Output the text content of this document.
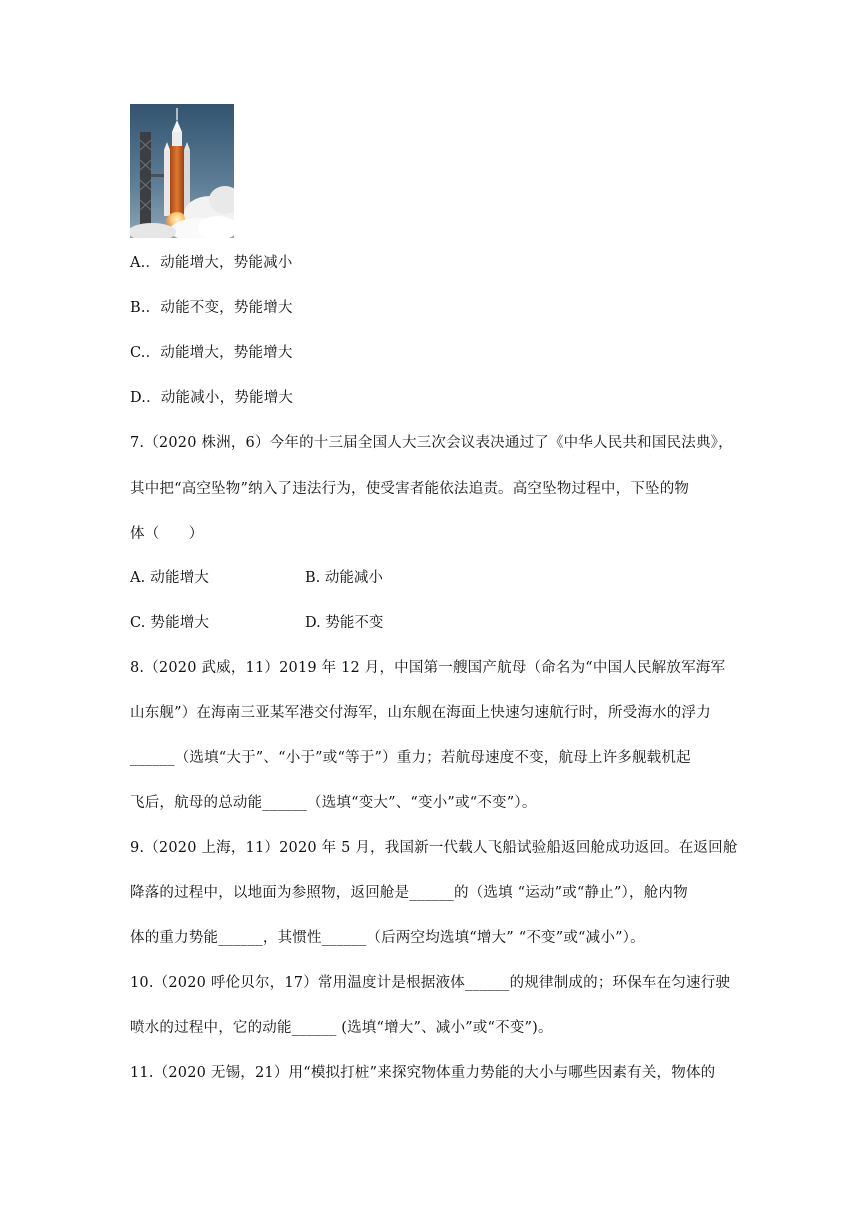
A.．动能增大，势能减小
B.．动能不变，势能增大
C.．动能增大，势能增大
D.．动能减小，势能增大
7.（2020 株洲，6）今年的十三届全国人大三次会议表决通过了《中华人民共和国民法典》，
其中把“高空坠物”纳入了违法行为，使受害者能依法追责。高空坠物过程中，下坠的物
体（　　）
A. 动能增大	B. 动能减小
C. 势能增大	D. 势能不变
8.（2020 武威，11）2019 年 12 月，中国第一艘国产航母（命名为“中国人民解放军海军
山东舰”）在海南三亚某军港交付海军，山东舰在海面上快速匀速航行时，所受海水的浮力
______（选填“大于”、“小于”或“等于”）重力；若航母速度不变，航母上许多舰载机起
飞后，航母的总动能______（选填“变大”、“变小”或“不变”）。
9.（2020 上海，11）2020 年 5 月，我国新一代载人飞船试验船返回舱成功返回。在返回舱
降落的过程中，以地面为参照物，返回舱是______的（选填 “运动”或“静止”），舱内物
体的重力势能______，其惯性______（后两空均选填“增大” “不变”或“减小”）。
10.（2020 呼伦贝尔，17）常用温度计是根据液体______的规律制成的；环保车在匀速行驶
喷水的过程中，它的动能______ (选填“增大”、减小”或“不变”)。
11.（2020 无锡，21）用“模拟打桩”来探究物体重力势能的大小与哪些因素有关，物体的
